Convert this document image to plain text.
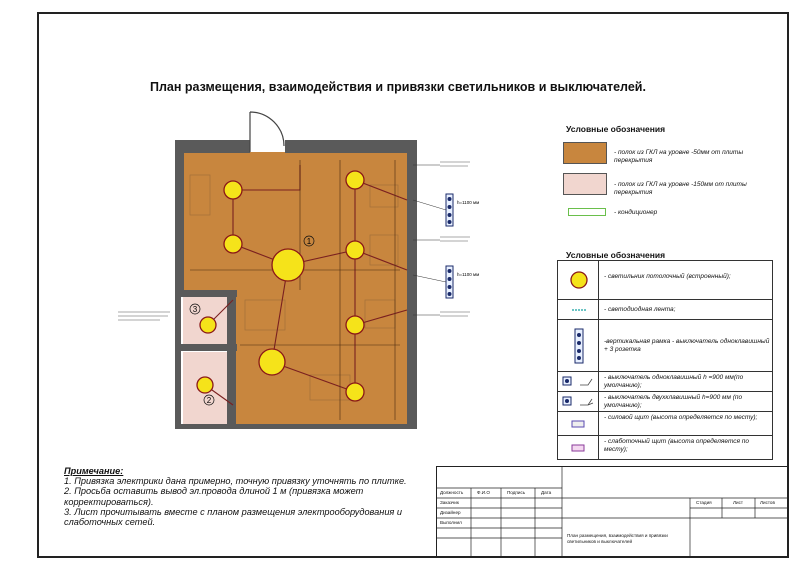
План размещения, взаимодействия и привязки светильников и выключателей.
1
2
3
h=1100 мм
h=1100 мм
Условные обозначения
- полок из ГКЛ на уровне -50мм от плиты перекрытия
- полок из ГКЛ на уровне -150мм от плиты перекрытия
- кондиционер
Условные обозначения
- светильник потолочный (встроенный);
- светодиодная лента;
-вертикальная рамка - выключатель одноклавишный + 3 розетка
- выключатель одноклавишный h =900 мм(по умолчанию);
- выключатель двухклавишный h=900 мм (по умолчанию);
- силовой щит (высота определяется по месту);
- слаботочный щит (высота определяется по месту);
Примечание:
1. Привязка электрики дана примерно, точную привязку уточнять по плитке.
2. Просьба оставить вывод эл.провода длиной 1 м (привязка может корректироваться).
3. Лист прочитывать вместе с планом размещения электрооборудования и слаботочных сетей.
Должность	Ф.И.О	Подпись	Дата
Заказчик
Дизайнер
Выполнил
Стадия	Лист	Листов
План размещения, взаимодействия и привязки светильников и выключателей
